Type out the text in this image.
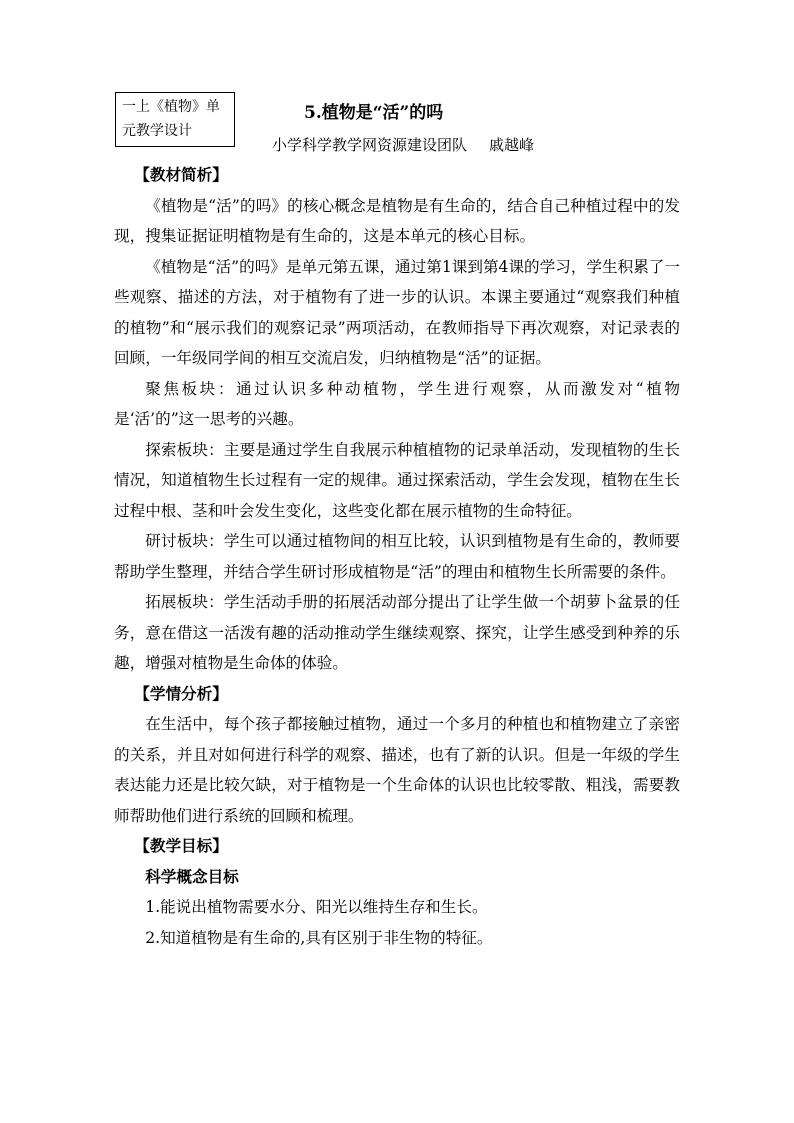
一上《植物》单
元教学设计
5.植物是“活”的吗
小学科学教学网资源建设团队 戚越峰

【教材简析】

《植物是“活”的吗》的核心概念是植物是有生命的，结合自己种植过程中的发现，搜集证据证明植物是有生命的，这是本单元的核心目标。

《植物是“活”的吗》是单元第五课，通过第1课到第4课的学习，学生积累了一些观察、描述的方法，对于植物有了进一步的认识。本课主要通过“观察我们种植的植物”和“展示我们的观察记录”两项活动，在教师指导下再次观察，对记录表的回顾，一年级同学间的相互交流启发，归纳植物是“活”的证据。

聚焦板块：通过认识多种动植物，学生进行观察，从而激发对“植物是‘活’的”这一思考的兴趣。

探索板块：主要是通过学生自我展示种植植物的记录单活动，发现植物的生长情况，知道植物生长过程有一定的规律。通过探索活动，学生会发现，植物在生长过程中根、茎和叶会发生变化，这些变化都在展示植物的生命特征。

研讨板块：学生可以通过植物间的相互比较，认识到植物是有生命的，教师要帮助学生整理，并结合学生研讨形成植物是“活”的理由和植物生长所需要的条件。

拓展板块：学生活动手册的拓展活动部分提出了让学生做一个胡萝卜盆景的任务，意在借这一活泼有趣的活动推动学生继续观察、探究，让学生感受到种养的乐趣，增强对植物是生命体的体验。

【学情分析】

在生活中，每个孩子都接触过植物，通过一个多月的种植也和植物建立了亲密的关系，并且对如何进行科学的观察、描述，也有了新的认识。但是一年级的学生表达能力还是比较欠缺，对于植物是一个生命体的认识也比较零散、粗浅，需要教师帮助他们进行系统的回顾和梳理。

【教学目标】

科学概念目标

1.能说出植物需要水分、阳光以维持生存和生长。

2.知道植物是有生命的,具有区别于非生物的特征。
